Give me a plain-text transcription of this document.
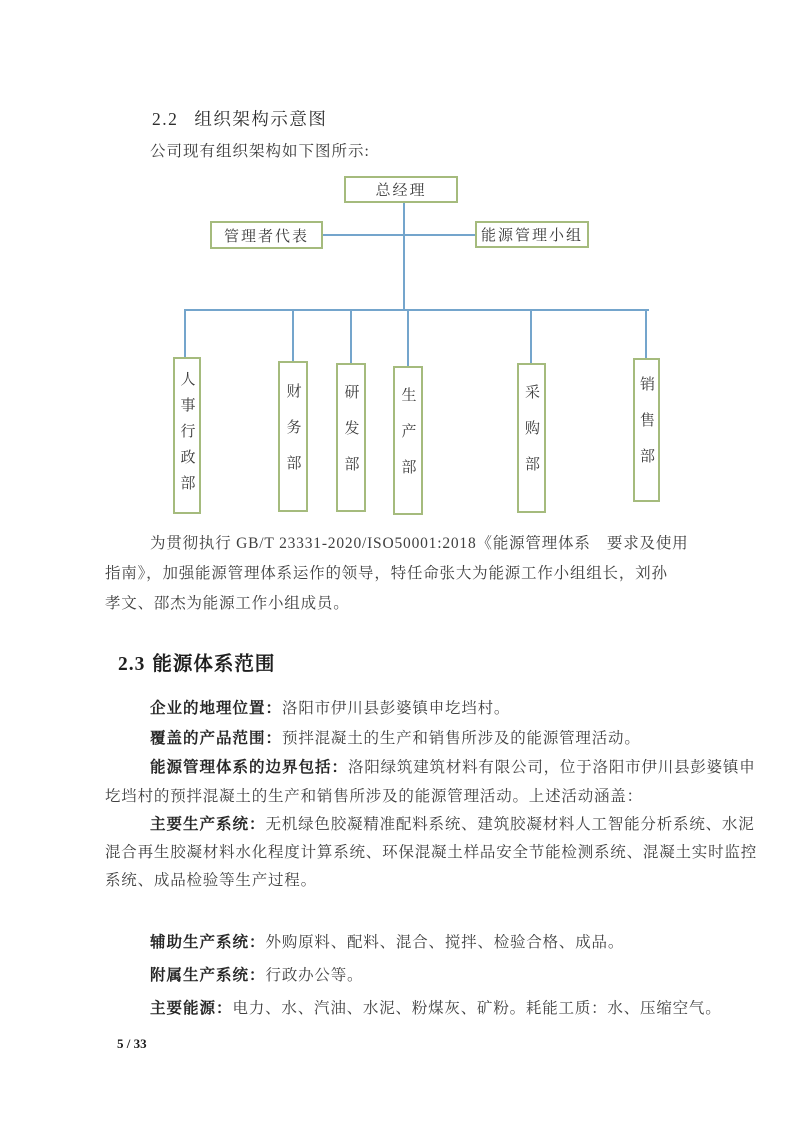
2.2 组织架构示意图
公司现有组织架构如下图所示:
总经理
管理者代表	能源管理小组
人事行政部	财务部	研发部	生产部	采购部	销售部
为贯彻执行 GB/T 23331-2020/ISO50001:2018《能源管理体系　要求及使用
指南》，加强能源管理体系运作的领导，特任命张大为能源工作小组组长，刘孙
孝文、邵杰为能源工作小组成员。
2.3 能源体系范围
企业的地理位置：洛阳市伊川县彭婆镇申圪垱村。
覆盖的产品范围：预拌混凝土的生产和销售所涉及的能源管理活动。
能源管理体系的边界包括：洛阳绿筑建筑材料有限公司，位于洛阳市伊川县彭婆镇申
圪垱村的预拌混凝土的生产和销售所涉及的能源管理活动。上述活动涵盖：
主要生产系统：无机绿色胶凝精准配料系统、建筑胶凝材料人工智能分析系统、水泥
混合再生胶凝材料水化程度计算系统、环保混凝土样品安全节能检测系统、混凝土实时监控
系统、成品检验等生产过程。
辅助生产系统：外购原料、配料、混合、搅拌、检验合格、成品。
附属生产系统：行政办公等。
主要能源：电力、水、汽油、水泥、粉煤灰、矿粉。耗能工质：水、压缩空气。
5 / 33
